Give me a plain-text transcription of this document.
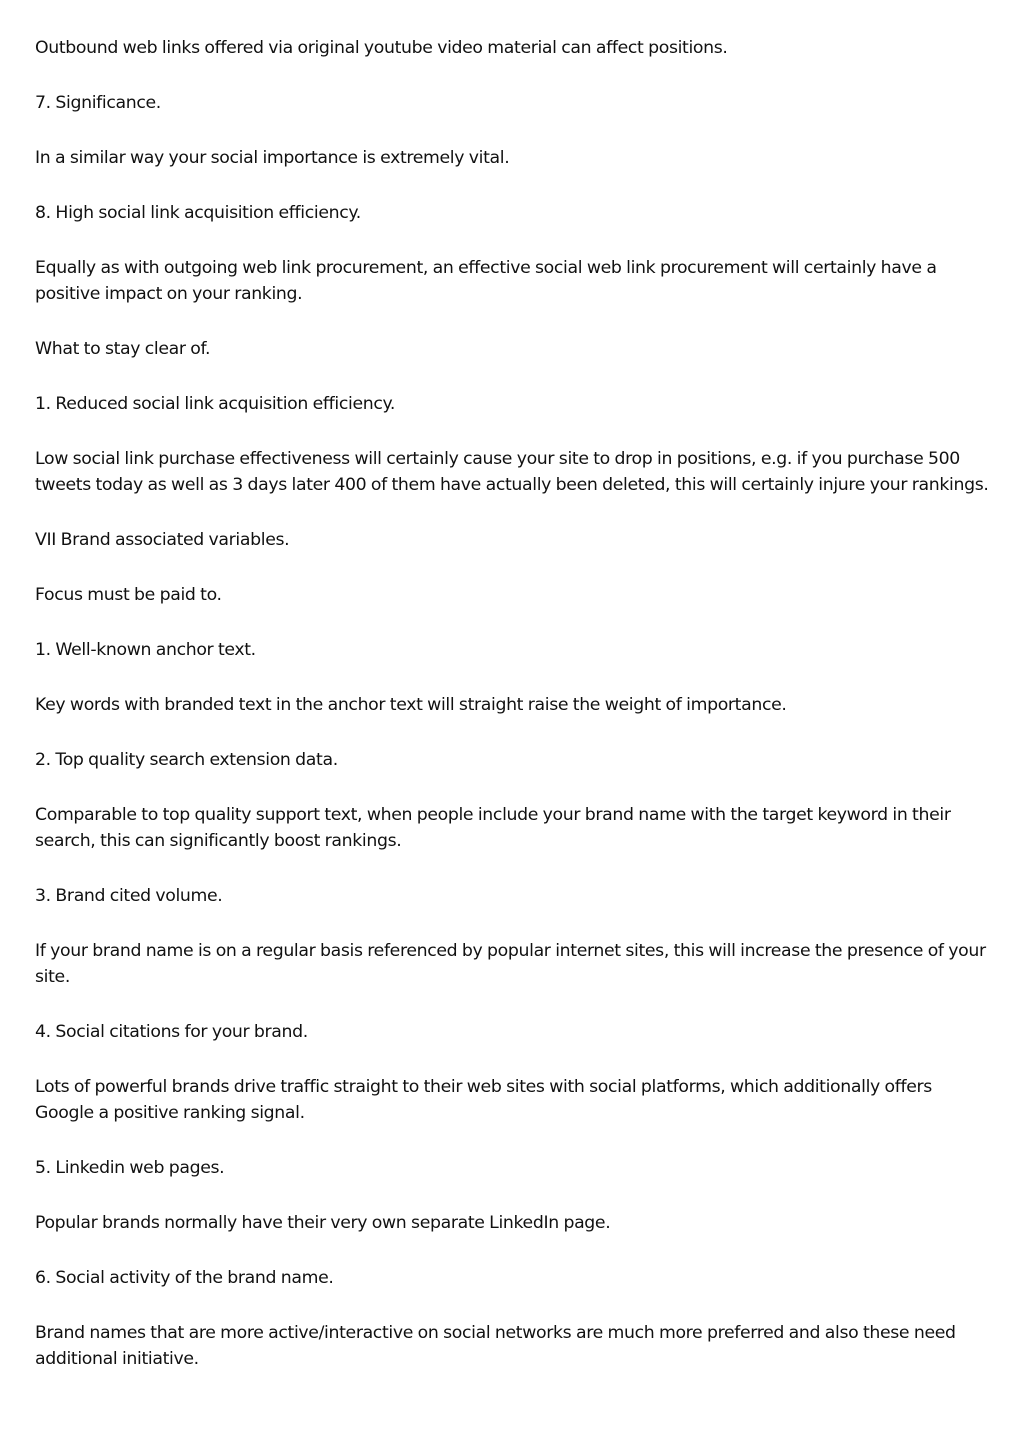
Outbound web links offered via original youtube video material can affect positions.

7. Significance.

In a similar way your social importance is extremely vital.

8. High social link acquisition efficiency.

Equally as with outgoing web link procurement, an effective social web link procurement will certainly have a positive impact on your ranking.

What to stay clear of.

1. Reduced social link acquisition efficiency.

Low social link purchase effectiveness will certainly cause your site to drop in positions, e.g. if you purchase 500 tweets today as well as 3 days later 400 of them have actually been deleted, this will certainly injure your rankings.

VII Brand associated variables.

Focus must be paid to.

1. Well-known anchor text.

Key words with branded text in the anchor text will straight raise the weight of importance.

2. Top quality search extension data.

Comparable to top quality support text, when people include your brand name with the target keyword in their search, this can significantly boost rankings.

3. Brand cited volume.

If your brand name is on a regular basis referenced by popular internet sites, this will increase the presence of your site.

4. Social citations for your brand.

Lots of powerful brands drive traffic straight to their web sites with social platforms, which additionally offers Google a positive ranking signal.

5. Linkedin web pages.

Popular brands normally have their very own separate LinkedIn page.

6. Social activity of the brand name.

Brand names that are more active/interactive on social networks are much more preferred and also these need additional initiative.
